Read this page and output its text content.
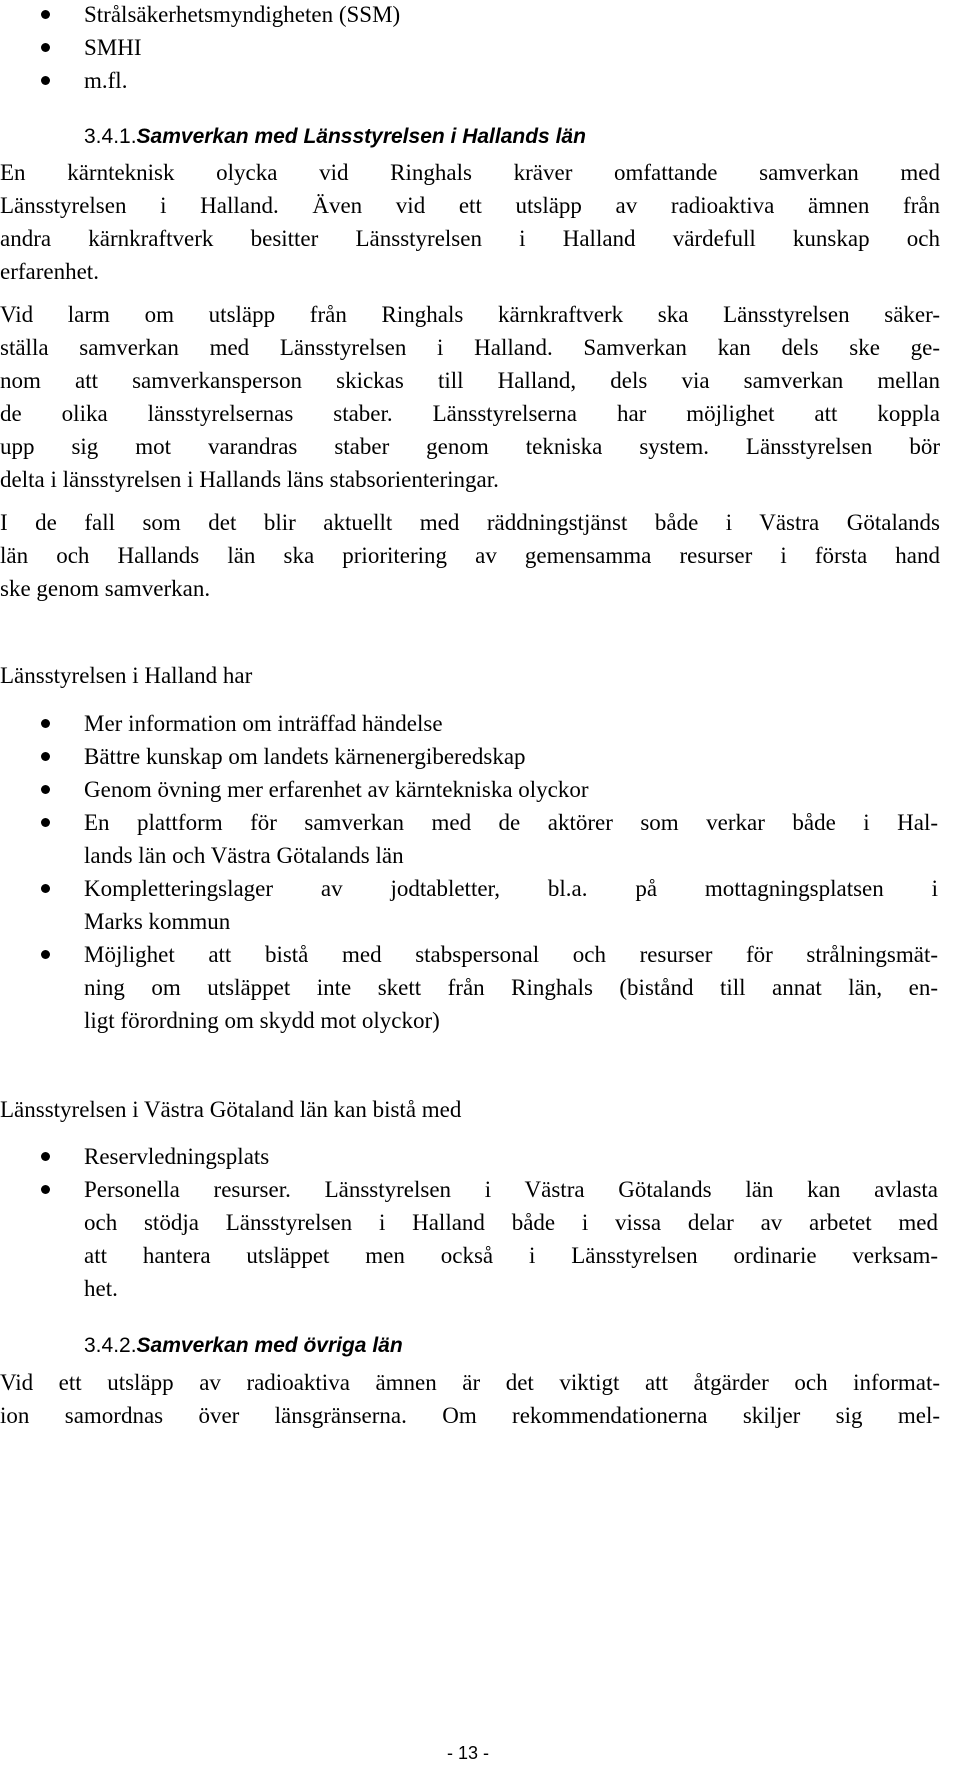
Strålsäkerhetsmyndigheten (SSM)
SMHI
m.fl.
3.4.1.Samverkan med Länsstyrelsen i Hallands län
En kärnteknisk olycka vid Ringhals kräver omfattande samverkan med
Länsstyrelsen i Halland. Även vid ett utsläpp av radioaktiva ämnen från
andra kärnkraftverk besitter Länsstyrelsen i Halland värdefull kunskap och
erfarenhet.
Vid larm om utsläpp från Ringhals kärnkraftverk ska Länsstyrelsen säker-
ställa samverkan med Länsstyrelsen i Halland. Samverkan kan dels ske ge-
nom att samverkansperson skickas till Halland, dels via samverkan mellan
de olika länsstyrelsernas staber. Länsstyrelserna har möjlighet att koppla
upp sig mot varandras staber genom tekniska system. Länsstyrelsen bör
delta i länsstyrelsen i Hallands läns stabsorienteringar.
I de fall som det blir aktuellt med räddningstjänst både i Västra Götalands
län och Hallands län ska prioritering av gemensamma resurser i första hand
ske genom samverkan.
Länsstyrelsen i Halland har
Mer information om inträffad händelse
Bättre kunskap om landets kärnenergiberedskap
Genom övning mer erfarenhet av kärntekniska olyckor
En plattform för samverkan med de aktörer som verkar både i Hal-
lands län och Västra Götalands län
Kompletteringslager av jodtabletter, bl.a. på mottagningsplatsen i
Marks kommun
Möjlighet att bistå med stabspersonal och resurser för strålningsmät-
ning om utsläppet inte skett från Ringhals (bistånd till annat län, en-
ligt förordning om skydd mot olyckor)
Länsstyrelsen i Västra Götaland län kan bistå med
Reservledningsplats
Personella resurser. Länsstyrelsen i Västra Götalands län kan avlasta
och stödja Länsstyrelsen i Halland både i vissa delar av arbetet med
att hantera utsläppet men också i Länsstyrelsen ordinarie verksam-
het.
3.4.2.Samverkan med övriga län
Vid ett utsläpp av radioaktiva ämnen är det viktigt att åtgärder och informat-
ion samordnas över länsgränserna. Om rekommendationerna skiljer sig mel-
- 13 -
